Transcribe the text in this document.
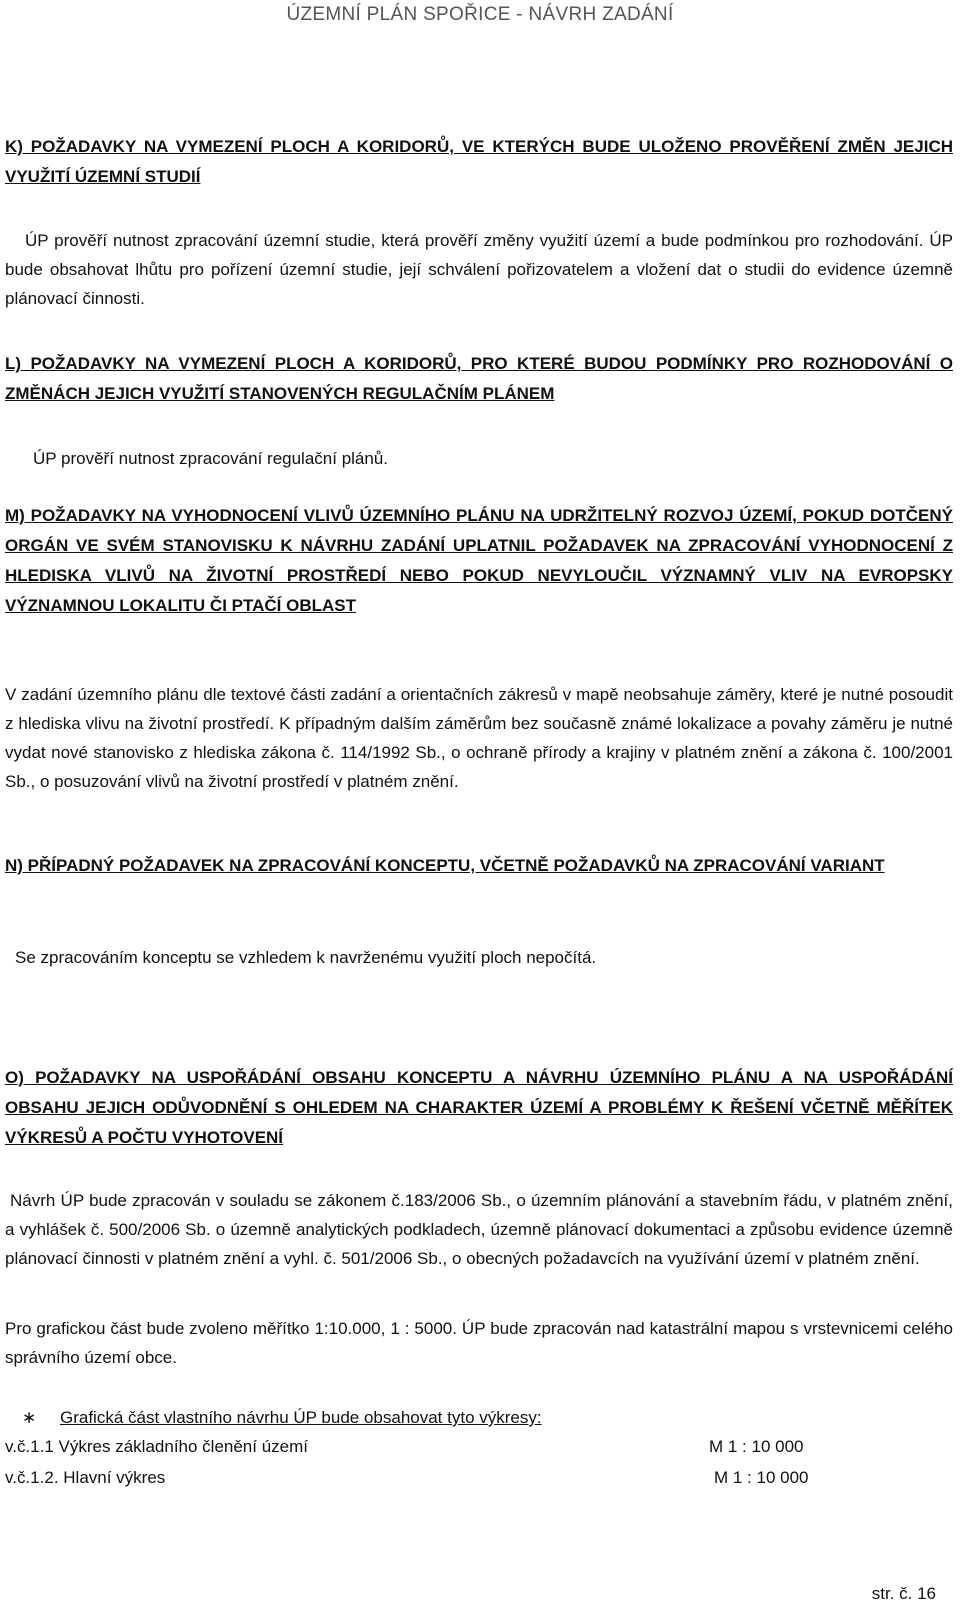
ÚZEMNÍ PLÁN SPOŘICE - NÁVRH ZADÁNÍ
K) POŽADAVKY NA VYMEZENÍ PLOCH A KORIDORŮ, VE KTERÝCH BUDE ULOŽENO PROVĚŘENÍ ZMĚN JEJICH VYUŽITÍ ÚZEMNÍ STUDIÍ
ÚP prověří nutnost zpracování územní studie, která prověří změny využití území a bude podmínkou pro rozhodování. ÚP bude obsahovat lhůtu pro pořízení územní studie, její schválení pořizovatelem a vložení dat o studii do evidence územně plánovací činnosti.
L) POŽADAVKY NA VYMEZENÍ PLOCH A KORIDORŮ, PRO KTERÉ BUDOU PODMÍNKY PRO ROZHODOVÁNÍ O ZMĚNÁCH JEJICH VYUŽITÍ STANOVENÝCH REGULAČNÍM PLÁNEM
ÚP prověří nutnost zpracování regulační plánů.
M) POŽADAVKY NA VYHODNOCENÍ VLIVŮ ÚZEMNÍHO PLÁNU NA UDRŽITELNÝ ROZVOJ ÚZEMÍ, POKUD DOTČENÝ ORGÁN VE SVÉM STANOVISKU K NÁVRHU ZADÁNÍ UPLATNIL POŽADAVEK NA ZPRACOVÁNÍ VYHODNOCENÍ Z HLEDISKA VLIVŮ NA ŽIVOTNÍ PROSTŘEDÍ NEBO POKUD NEVYLOUČIL VÝZNAMNÝ VLIV NA EVROPSKY VÝZNAMNOU LOKALITU ČI PTAČÍ OBLAST
V zadání územního plánu dle textové části zadání a orientačních zákresů v mapě neobsahuje záměry, které je nutné posoudit z hlediska vlivu na životní prostředí. K případným dalším záměrům bez současně známé lokalizace a povahy záměru je nutné vydat nové stanovisko z hlediska zákona č. 114/1992 Sb., o ochraně přírody a krajiny v platném znění a zákona č. 100/2001 Sb., o posuzování vlivů na životní prostředí v platném znění.
N) PŘÍPADNÝ POŽADAVEK NA ZPRACOVÁNÍ KONCEPTU, VČETNĚ POŽADAVKŮ NA ZPRACOVÁNÍ VARIANT
Se zpracováním konceptu se vzhledem k navrženému využití ploch nepočítá.
O) POŽADAVKY NA USPOŘÁDÁNÍ OBSAHU KONCEPTU A NÁVRHU ÚZEMNÍHO PLÁNU A NA USPOŘÁDÁNÍ OBSAHU JEJICH ODŮVODNĚNÍ S OHLEDEM NA CHARAKTER ÚZEMÍ A PROBLÉMY K ŘEŠENÍ VČETNĚ MĚŘÍTEK VÝKRESŮ A POČTU VYHOTOVENÍ
Návrh ÚP bude zpracován v souladu se zákonem č.183/2006 Sb., o územním plánování a stavebním řádu, v platném znění, a vyhlášek č. 500/2006 Sb. o územně analytických podkladech, územně plánovací dokumentaci a způsobu evidence územně plánovací činnosti v platném znění a vyhl. č. 501/2006 Sb., o obecných požadavcích na využívání území v platném znění.
Pro grafickou část bude zvoleno měřítko 1:10.000, 1 : 5000. ÚP bude zpracován nad katastrální mapou s vrstevnicemi celého správního území obce.
∗ Grafická část vlastního návrhu ÚP bude obsahovat tyto výkresy:
v.č.1.1 Výkres základního členění území	M 1 : 10 000
v.č.1.2. Hlavní výkres	M 1 : 10 000
str. č. 16
